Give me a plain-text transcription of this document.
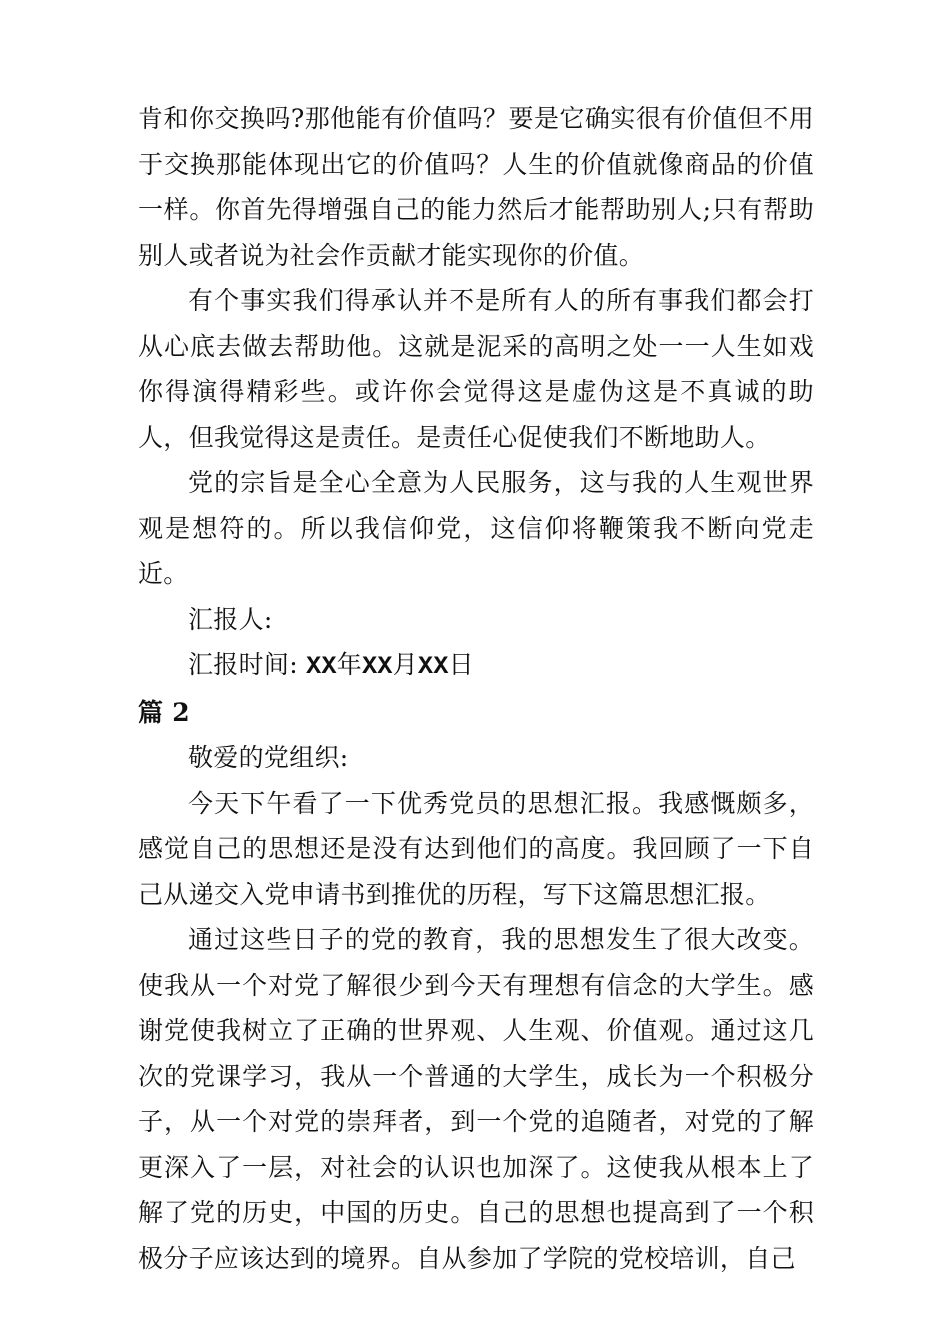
肯和你交换吗?那他能有价值吗？要是它确实很有价值但不用于交换那能体现出它的价值吗？人生的价值就像商品的价值一样。你首先得增强自己的能力然后才能帮助别人;只有帮助别人或者说为社会作贡献才能实现你的价值。

有个事实我们得承认并不是所有人的所有事我们都会打从心底去做去帮助他。这就是泥采的高明之处一一人生如戏你得演得精彩些。或许你会觉得这是虚伪这是不真诚的助人，但我觉得这是责任。是责任心促使我们不断地助人。

党的宗旨是全心全意为人民服务，这与我的人生观世界观是想符的。所以我信仰党，这信仰将鞭策我不断向党走近。

汇报人:

汇报时间: XX年XX月XX日

篇 2

敬爱的党组织:

今天下午看了一下优秀党员的思想汇报。我感慨颇多，感觉自己的思想还是没有达到他们的高度。我回顾了一下自己从递交入党申请书到推优的历程，写下这篇思想汇报。

通过这些日子的党的教育，我的思想发生了很大改变。使我从一个对党了解很少到今天有理想有信念的大学生。感谢党使我树立了正确的世界观、人生观、价值观。通过这几次的党课学习，我从一个普通的大学生，成长为一个积极分子，从一个对党的崇拜者，到一个党的追随者，对党的了解更深入了一层，对社会的认识也加深了。这使我从根本上了解了党的历史，中国的历史。自己的思想也提高到了一个积极分子应该达到的境界。自从参加了学院的党校培训，自己
